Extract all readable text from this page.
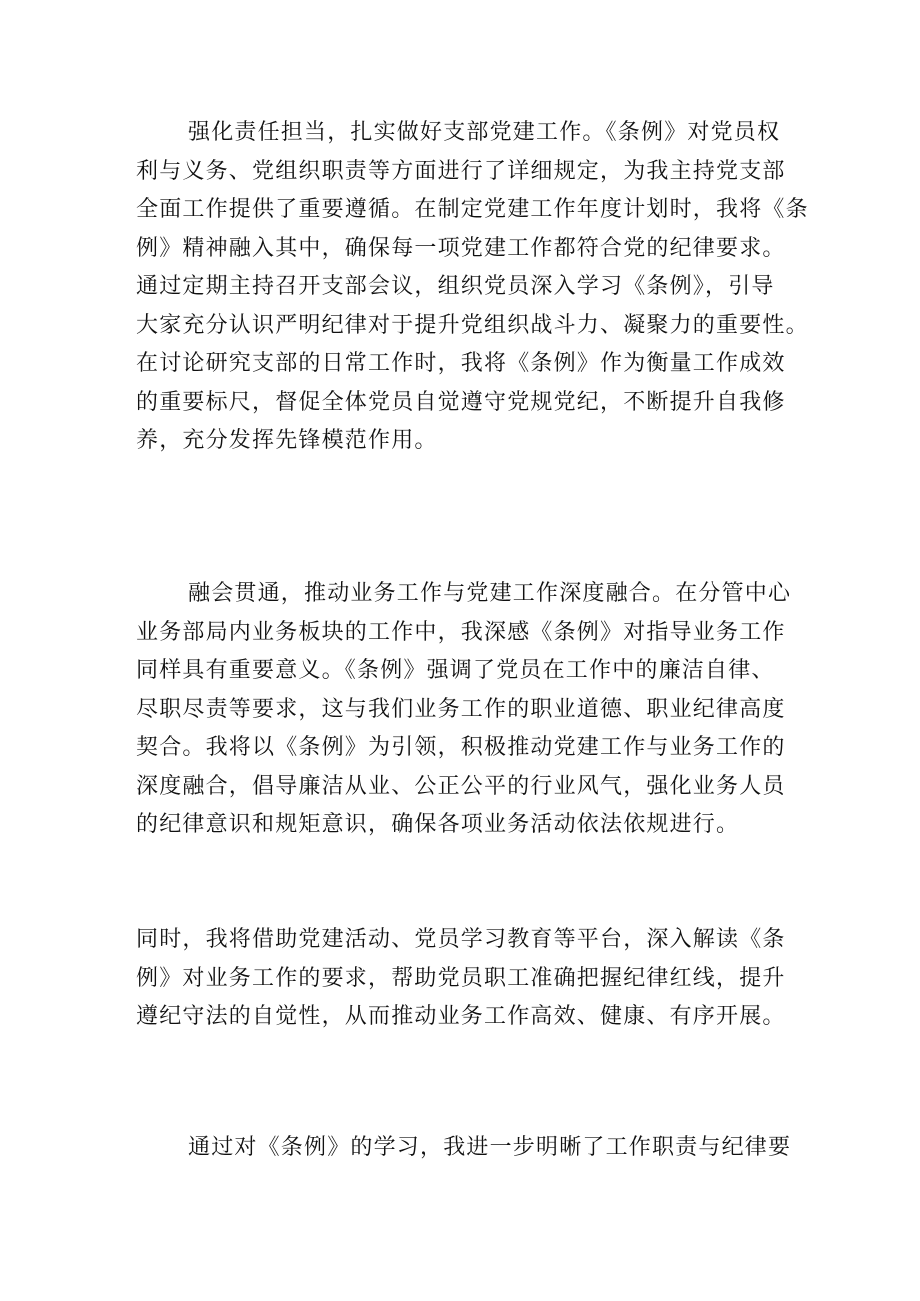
强化责任担当，扎实做好支部党建工作。《条例》对党员权
利与义务、党组织职责等方面进行了详细规定，为我主持党支部
全面工作提供了重要遵循。在制定党建工作年度计划时，我将《条
例》精神融入其中，确保每一项党建工作都符合党的纪律要求。
通过定期主持召开支部会议，组织党员深入学习《条例》，引导
大家充分认识严明纪律对于提升党组织战斗力、凝聚力的重要性。
在讨论研究支部的日常工作时，我将《条例》作为衡量工作成效
的重要标尺，督促全体党员自觉遵守党规党纪，不断提升自我修
养，充分发挥先锋模范作用。
融会贯通，推动业务工作与党建工作深度融合。在分管中心
业务部局内业务板块的工作中，我深感《条例》对指导业务工作
同样具有重要意义。《条例》强调了党员在工作中的廉洁自律、
尽职尽责等要求，这与我们业务工作的职业道德、职业纪律高度
契合。我将以《条例》为引领，积极推动党建工作与业务工作的
深度融合，倡导廉洁从业、公正公平的行业风气，强化业务人员
的纪律意识和规矩意识，确保各项业务活动依法依规进行。
同时，我将借助党建活动、党员学习教育等平台，深入解读《条
例》对业务工作的要求，帮助党员职工准确把握纪律红线，提升
遵纪守法的自觉性，从而推动业务工作高效、健康、有序开展。
通过对《条例》的学习，我进一步明晰了工作职责与纪律要
